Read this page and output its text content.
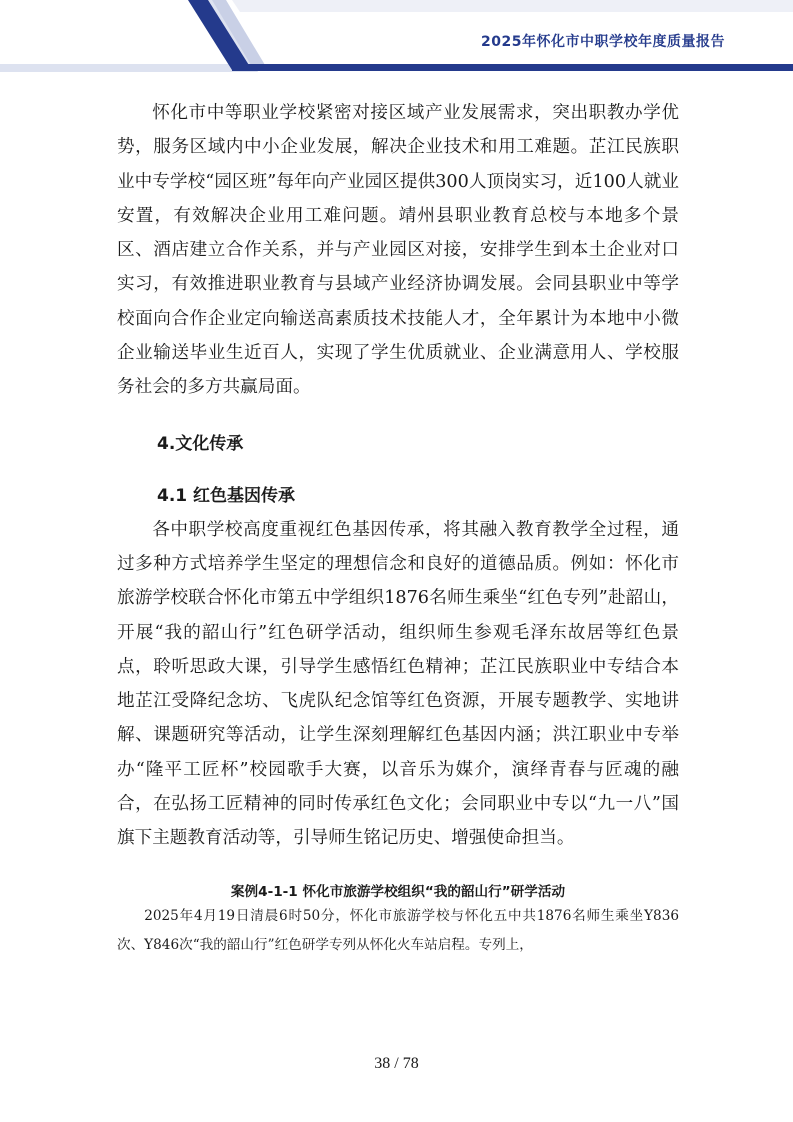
2025年怀化市中职学校年度质量报告

怀化市中等职业学校紧密对接区域产业发展需求，突出职教办学优势，服务区域内中小企业发展，解决企业技术和用工难题。芷江民族职业中专学校“园区班”每年向产业园区提供300人顶岗实习，近100人就业安置，有效解决企业用工难问题。靖州县职业教育总校与本地多个景区、酒店建立合作关系，并与产业园区对接，安排学生到本土企业对口实习，有效推进职业教育与县域产业经济协调发展。会同县职业中等学校面向合作企业定向输送高素质技术技能人才，全年累计为本地中小微企业输送毕业生近百人，实现了学生优质就业、企业满意用人、学校服务社会的多方共赢局面。

4.文化传承
4.1 红色基因传承

各中职学校高度重视红色基因传承，将其融入教育教学全过程，通过多种方式培养学生坚定的理想信念和良好的道德品质。例如：怀化市旅游学校联合怀化市第五中学组织1876名师生乘坐“红色专列”赴韶山，开展“我的韶山行”红色研学活动，组织师生参观毛泽东故居等红色景点，聆听思政大课，引导学生感悟红色精神；芷江民族职业中专结合本地芷江受降纪念坊、飞虎队纪念馆等红色资源，开展专题教学、实地讲解、课题研究等活动，让学生深刻理解红色基因内涵；洪江职业中专举办“隆平工匠杯”校园歌手大赛，以音乐为媒介，演绎青春与匠魂的融合，在弘扬工匠精神的同时传承红色文化；会同职业中专以“九一八”国旗下主题教育活动等，引导师生铭记历史、增强使命担当。

案例4-1-1 怀化市旅游学校组织“我的韶山行”研学活动

2025年4月19日清晨6时50分，怀化市旅游学校与怀化五中共1876名师生乘坐Y836次、Y846次“我的韶山行”红色研学专列从怀化火车站启程。专列上，

38 / 78
